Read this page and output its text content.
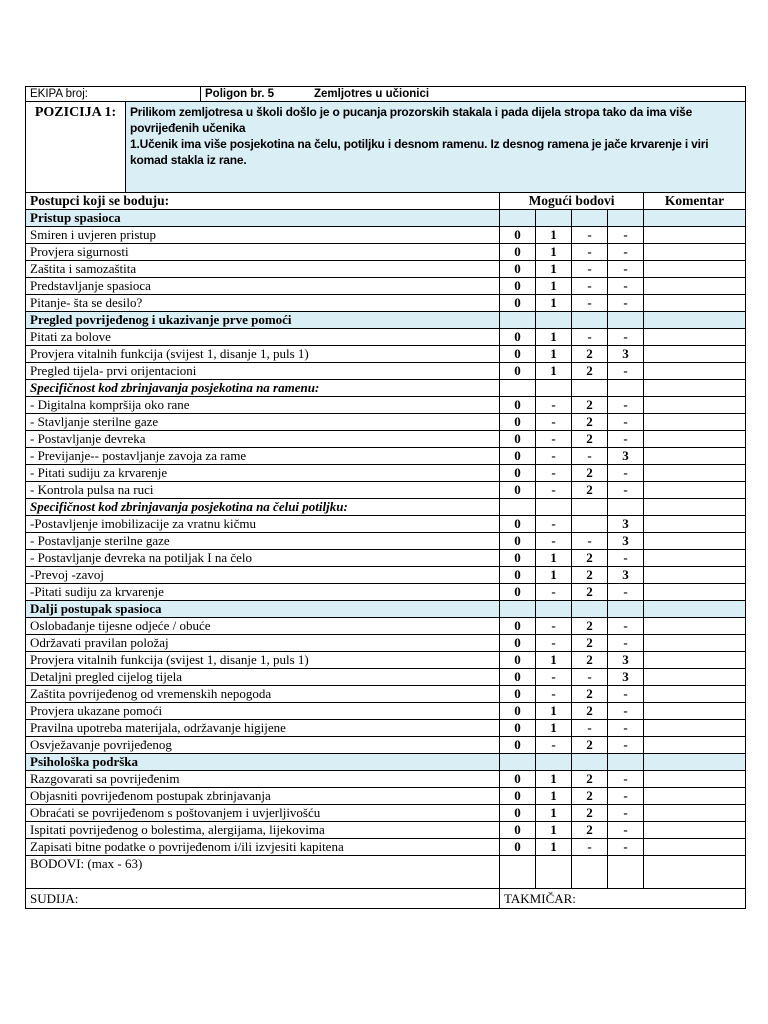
EKIPA broj:	Poligon br. 5	Zemljotres u učionici
POZICIJA 1:	Prilikom zemljotresa u školi došlo je o pucanja prozorskih stakala i pada dijela stropa tako da ima više povrijeđenih učenika
1.Učenik ima više posjekotina na čelu, potiljku i desnom ramenu. Iz desnog ramena je jače krvarenje i viri komad stakla iz rane.
Postupci koji se boduju:	Mogući bodovi				Komentar
Pristup spasioca					
Smiren i uvjeren pristup	0	1	-	-	
Provjera sigurnosti	0	1	-	-	
Zaštita i samozaštita	0	1	-	-	
Predstavljanje spasioca	0	1	-	-	
Pitanje- šta se desilo?	0	1	-	-	
Pregled povrijeđenog i ukazivanje prve pomoći					
Pitati za bolove	0	1	-	-	
Provjera vitalnih funkcija (svijest 1, disanje 1, puls 1)	0	1	2	3	
Pregled tijela- prvi orijentacioni	0	1	2	-	
Specifičnost kod zbrinjavanja posjekotina na ramenu:					
- Digitalna kompršija oko rane	0	-	2	-	
- Stavljanje sterilne gaze	0	-	2	-	
- Postavljanje đevreka	0	-	2	-	
- Previjanje-- postavljanje zavoja za rame	0	-	-	3	
- Pitati sudiju za krvarenje	0	-	2	-	
- Kontrola pulsa na ruci	0	-	2	-	
Specifičnost kod zbrinjavanja posjekotina na čelui potiljku:					
-Postavljenje imobilizacije za vratnu kičmu	0	-		3	
- Postavljanje sterilne gaze	0	-	-	3	
- Postavljanje đevreka na potiljak I na čelo	0	1	2	-	
-Prevoj -zavoj	0	1	2	3	
-Pitati sudiju za krvarenje	0	-	2	-	
Dalji postupak spasioca					
Oslobađanje tijesne odjeće / obuće	0	-	2	-	
Održavati pravilan položaj	0	-	2	-	
Provjera vitalnih funkcija (svijest 1, disanje 1, puls 1)	0	1	2	3	
Detaljni pregled cijelog tijela	0	-	-	3	
Zaštita povrijeđenog od vremenskih nepogoda	0	-	2	-	
Provjera ukazane pomoći	0	1	2	-	
Pravilna upotreba materijala, održavanje higijene	0	1	-	-	
Osvježavanje povrijeđenog	0	-	2	-	
Psihološka podrška					
Razgovarati sa povrijeđenim	0	1	2	-	
Objasniti povrijeđenom postupak zbrinjavanja	0	1	2	-	
Obraćati se povrijeđenom s poštovanjem i uvjerljivošću	0	1	2	-	
Ispitati povrijeđenog o bolestima, alergijama, lijekovima	0	1	2	-	
Zapisati bitne podatke o povrijeđenom i/ili izvjesiti kapitena	0	1	-	-	
BODOVI: (max - 63)					
SUDIJA:	TAKMIČAR:
